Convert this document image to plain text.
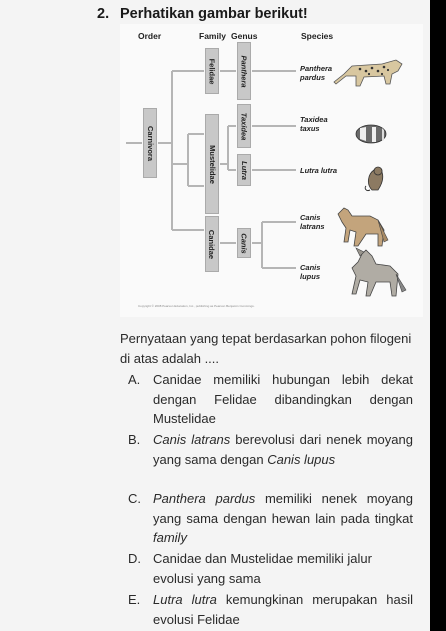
2. Perhatikan gambar berikut!
Order	Family Genus	Species
Carnivora
Felidae
Mustelidae
Canidae
Panthera
Taxidea
Lutra
Canis
Panthera
pardus
Taxidea
taxus
Lutra lutra
Canis
latrans
Canis
lupus
Copyright © 2008 Pearson Education, Inc., publishing as Pearson Benjamin Cummings.
Pernyataan yang tepat berdasarkan pohon filogeni di atas adalah ....
A. Canidae memiliki hubungan lebih dekat dengan Felidae dibandingkan dengan Mustelidae
B. Canis latrans berevolusi dari nenek moyang yang sama dengan Canis lupus
C. Panthera pardus memiliki nenek moyang yang sama dengan hewan lain pada tingkat family
D. Canidae dan Mustelidae memiliki jalur evolusi yang sama
E. Lutra lutra kemungkinan merupakan hasil evolusi Felidae
